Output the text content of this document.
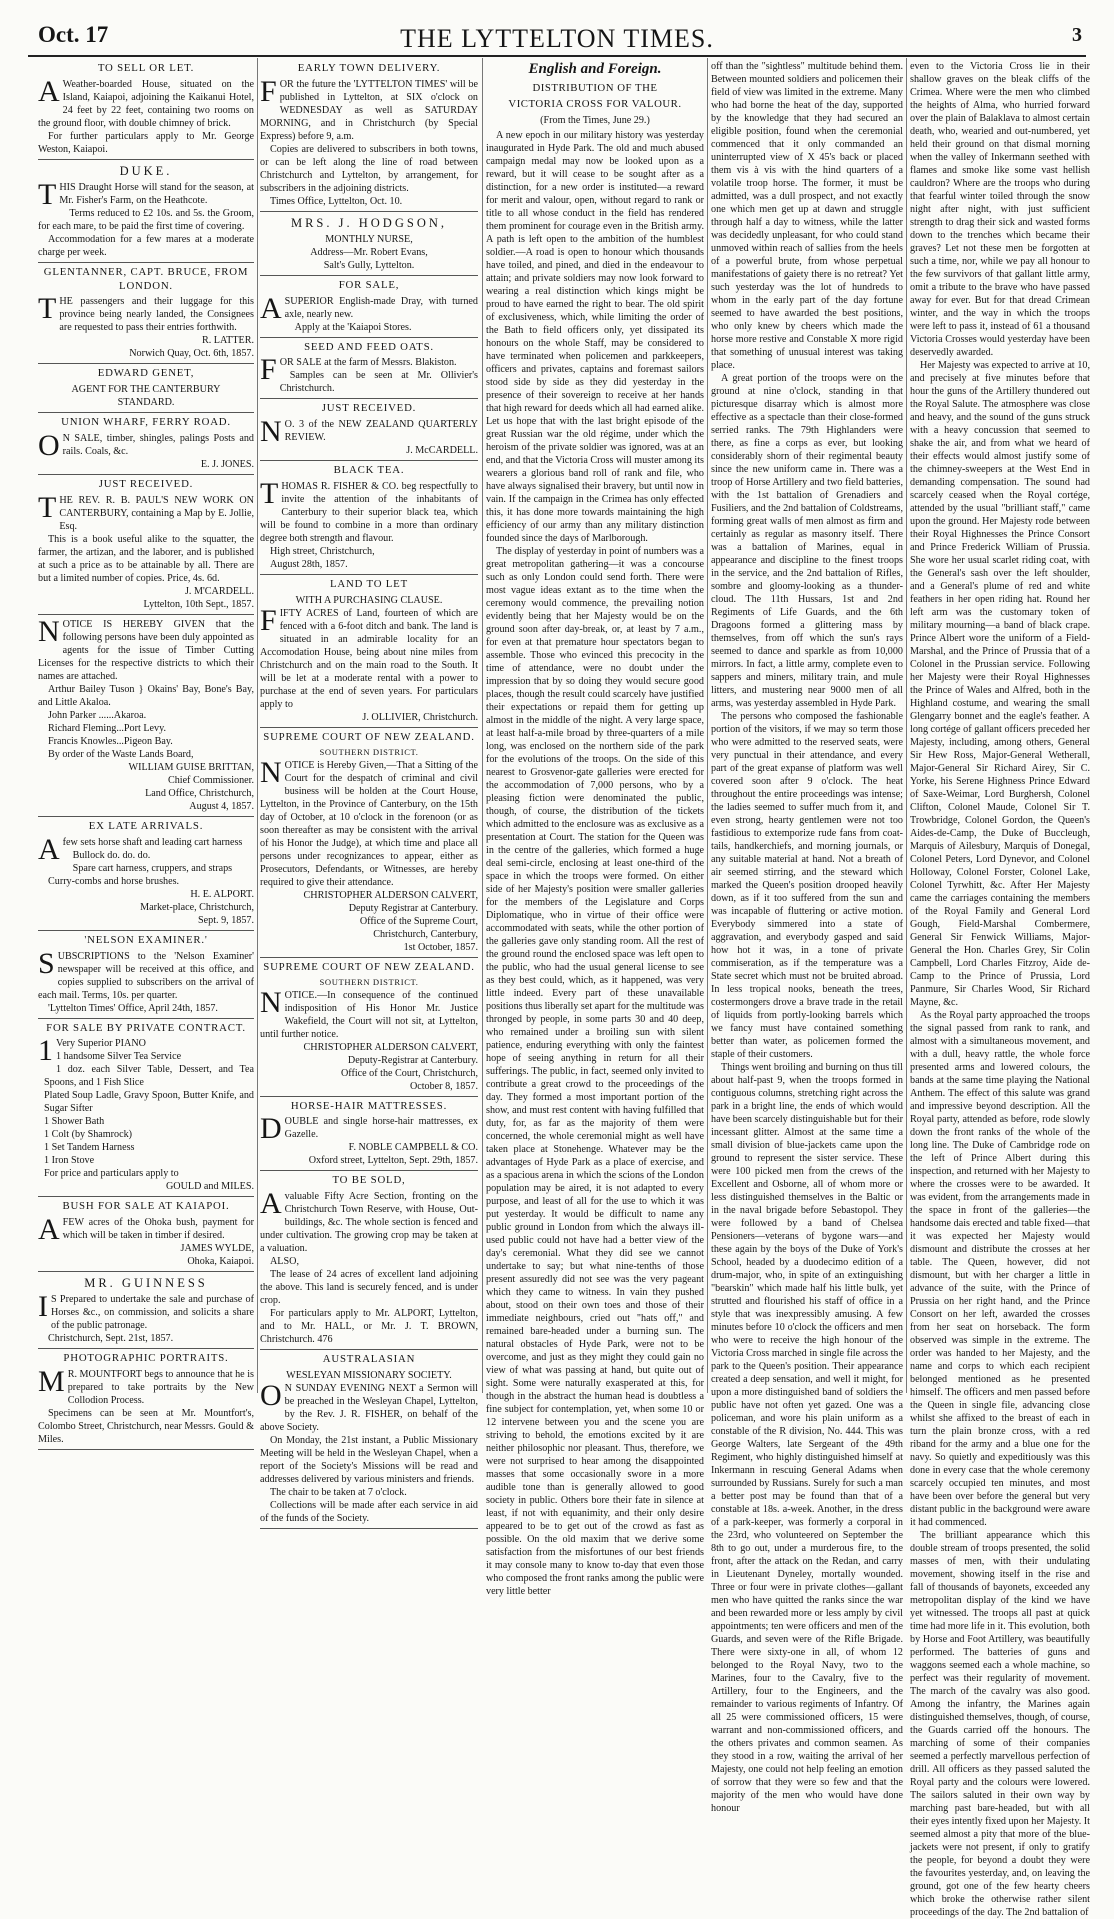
Oct. 17	THE LYTTELTON TIMES.	3
TO SELL OR LET.
A Weather-boarded House, situated on the Island, Kaiapoi, adjoining the Kaikanui Hotel, 24 feet by 22 feet, containing two rooms on the ground floor, with double chimney of brick.

For further particulars apply to Mr. George Weston, Kaiapoi.

DUKE.
T HIS Draught Horse will stand for the season, at Mr. Fisher's Farm, on the Heathcote.

Terms reduced to £2 10s. and 5s. the Groom, for each mare, to be paid the first time of covering.

Accommodation for a few mares at a moderate charge per week.

GLENTANNER, CAPT. BRUCE, FROM LONDON.
T HE passengers and their luggage for this province being nearly landed, the Consignees are requested to pass their entries forthwith.

R. LATTER.
Norwich Quay, Oct. 6th, 1857.
EDWARD GENET,
AGENT FOR THE CANTERBURY
STANDARD.
UNION WHARF, FERRY ROAD.
O N SALE, timber, shingles, palings Posts and rails. Coals, &c.

E. J. JONES.
JUST RECEIVED.
T HE REV. R. B. PAUL'S NEW WORK ON CANTERBURY, containing a Map by E. Jollie, Esq.

This is a book useful alike to the squatter, the farmer, the artizan, and the laborer, and is published at such a price as to be attainable by all. There are but a limited number of copies. Price, 4s. 6d.

J. M'CARDELL.
Lyttelton, 10th Sept., 1857.
N OTICE IS HEREBY GIVEN that the following persons have been duly appointed as agents for the issue of Timber Cutting Licenses for the respective districts to which their names are attached.

Arthur Bailey Tuson } Okains' Bay, Bone's Bay, and Little Akaloa.

John Parker ......Akaroa.

Richard Fleming...Port Levy.

Francis Knowles...Pigeon Bay.

By order of the Waste Lands Board,

WILLIAM GUISE BRITTAN,
Chief Commissioner.
Land Office, Christchurch,
August 4, 1857.
EX LATE ARRIVALS.
A few sets horse shaft and leading cart harness

Bullock do. do. do.

Spare cart harness, cruppers, and straps

Curry-combs and horse brushes.

H. E. ALPORT.
Market-place, Christchurch,
Sept. 9, 1857.
'NELSON EXAMINER.'
S UBSCRIPTIONS to the 'Nelson Examiner' newspaper will be received at this office, and copies supplied to subscribers on the arrival of each mail. Terms, 10s. per quarter.

'Lyttelton Times' Office, April 24th, 1857.

FOR SALE BY PRIVATE CONTRACT.
1 Very Superior PIANO
1 handsome Silver Tea Service
1 doz. each Silver Table, Dessert, and Tea Spoons, and 1 Fish Slice
Plated Soup Ladle, Gravy Spoon, Butter Knife, and Sugar Sifter
1 Shower Bath
1 Colt (by Shamrock)
1 Set Tandem Harness
1 Iron Stove
For price and particulars apply to
GOULD and MILES.
BUSH FOR SALE AT KAIAPOI.
A FEW acres of the Ohoka bush, payment for which will be taken in timber if desired.

JAMES WYLDE,
Ohoka, Kaiapoi.
MR. GUINNESS
I S Prepared to undertake the sale and purchase of Horses &c., on commission, and solicits a share of the public patronage.

Christchurch, Sept. 21st, 1857.

PHOTOGRAPHIC PORTRAITS.
M R. MOUNTFORT begs to announce that he is prepared to take portraits by the New Collodion Process.

Specimens can be seen at Mr. Mountfort's, Colombo Street, Christchurch, near Messrs. Gould & Miles.

EARLY TOWN DELIVERY.
F OR the future the 'LYTTELTON TIMES' will be published in Lyttelton, at SIX o'clock on WEDNESDAY as well as SATURDAY MORNING, and in Christchurch (by Special Express) before 9, a.m.

Copies are delivered to subscribers in both towns, or can be left along the line of road between Christchurch and Lyttelton, by arrangement, for subscribers in the adjoining districts.

Times Office, Lyttelton, Oct. 10.

MRS. J. HODGSON,
MONTHLY NURSE,
Address—Mr. Robert Evans,
Salt's Gully, Lyttelton.
FOR SALE,
A SUPERIOR English-made Dray, with turned axle, nearly new.

Apply at the 'Kaiapoi Stores.

SEED AND FEED OATS.
F OR SALE at the farm of Messrs. Blakiston.

Samples can be seen at Mr. Ollivier's Christchurch.

JUST RECEIVED.
N O. 3 of the NEW ZEALAND QUARTERLY REVIEW.

J. McCARDELL.
BLACK TEA.
T HOMAS R. FISHER & CO. beg respectfully to invite the attention of the inhabitants of Canterbury to their superior black tea, which will be found to combine in a more than ordinary degree both strength and flavour.

High street, Christchurch,

August 28th, 1857.

LAND TO LET
WITH A PURCHASING CLAUSE.
F IFTY ACRES of Land, fourteen of which are fenced with a 6-foot ditch and bank. The land is situated in an admirable locality for an Accomodation House, being about nine miles from Christchurch and on the main road to the South. It will be let at a moderate rental with a power to purchase at the end of seven years. For particulars apply to

J. OLLIVIER, Christchurch.
SUPREME COURT OF NEW ZEALAND.
SOUTHERN DISTRICT.
N OTICE is Hereby Given,—That a Sitting of the Court for the despatch of criminal and civil business will be holden at the Court House, Lyttelton, in the Province of Canterbury, on the 15th day of October, at 10 o'clock in the forenoon (or as soon thereafter as may be consistent with the arrival of his Honor the Judge), at which time and place all persons under recognizances to appear, either as Prosecutors, Defendants, or Witnesses, are hereby required to give their attendance.

CHRISTOPHER ALDERSON CALVERT,
Deputy Registrar at Canterbury.
Office of the Supreme Court,
Christchurch, Canterbury,
1st October, 1857.
SUPREME COURT OF NEW ZEALAND.
SOUTHERN DISTRICT.
N OTICE.—In consequence of the continued indisposition of His Honor Mr. Justice Wakefield, the Court will not sit, at Lyttelton, until further notice.

CHRISTOPHER ALDERSON CALVERT,
Deputy-Registrar at Canterbury.
Office of the Court, Christchurch,
October 8, 1857.
HORSE-HAIR MATTRESSES.
D OUBLE and single horse-hair mattresses, ex Gazelle.

F. NOBLE CAMPBELL & CO.
Oxford street, Lyttelton, Sept. 29th, 1857.
TO BE SOLD,
A valuable Fifty Acre Section, fronting on the Christchurch Town Reserve, with House, Out-buildings, &c. The whole section is fenced and under cultivation. The growing crop may be taken at a valuation.

ALSO,

The lease of 24 acres of excellent land adjoining the above. This land is securely fenced, and is under crop.

For particulars apply to Mr. ALPORT, Lyttelton, and to Mr. HALL, or Mr. J. T. BROWN, Christchurch. 476

AUSTRALASIAN
WESLEYAN MISSIONARY SOCIETY.
O N SUNDAY EVENING NEXT a Sermon will be preached in the Wesleyan Chapel, Lyttelton, by the Rev. J. R. FISHER, on behalf of the above Society.

On Monday, the 21st instant, a Public Missionary Meeting will be held in the Wesleyan Chapel, when a report of the Society's Missions will be read and addresses delivered by various ministers and friends.

The chair to be taken at 7 o'clock.

Collections will be made after each service in aid of the funds of the Society.

English and Foreign.
DISTRIBUTION OF THE
VICTORIA CROSS FOR VALOUR.
(From the Times, June 29.)

A new epoch in our military history was yesterday inaugurated in Hyde Park. The old and much abused campaign medal may now be looked upon as a reward, but it will cease to be sought after as a distinction, for a new order is instituted—a reward for merit and valour, open, without regard to rank or title to all whose conduct in the field has rendered them prominent for courage even in the British army. A path is left open to the ambition of the humblest soldier.—A road is open to honour which thousands have toiled, and pined, and died in the endeavour to attain; and private soldiers may now look forward to wearing a real distinction which kings might be proud to have earned the right to bear. The old spirit of exclusiveness, which, while limiting the order of the Bath to field officers only, yet dissipated its honours on the whole Staff, may be considered to have terminated when policemen and parkkeepers, officers and privates, captains and foremast sailors stood side by side as they did yesterday in the presence of their sovereign to receive at her hands that high reward for deeds which all had earned alike. Let us hope that with the last bright episode of the great Russian war the old régime, under which the heroism of the private soldier was ignored, was at an end, and that the Victoria Cross will muster among its wearers a glorious band roll of rank and file, who have always signalised their bravery, but until now in vain. If the campaign in the Crimea has only effected this, it has done more towards maintaining the high efficiency of our army than any military distinction founded since the days of Marlborough.

The display of yesterday in point of numbers was a great metropolitan gathering—it was a concourse such as only London could send forth. There were most vague ideas extant as to the time when the ceremony would commence, the prevailing notion evidently being that her Majesty would be on the ground soon after day-break, or, at least by 7 a.m., for even at that premature hour spectators began to assemble. Those who evinced this precocity in the time of attendance, were no doubt under the impression that by so doing they would secure good places, though the result could scarcely have justified their expectations or repaid them for getting up almost in the middle of the night. A very large space, at least half-a-mile broad by three-quarters of a mile long, was enclosed on the northern side of the park for the evolutions of the troops. On the side of this nearest to Grosvenor-gate galleries were erected for the accommodation of 7,000 persons, who by a pleasing fiction were denominated the public, though, of course, the distribution of the tickets which admitted to the enclosure was as exclusive as a presentation at Court. The station for the Queen was in the centre of the galleries, which formed a huge deal semi-circle, enclosing at least one-third of the space in which the troops were formed. On either side of her Majesty's position were smaller galleries for the members of the Legislature and Corps Diplomatique, who in virtue of their office were accommodated with seats, while the other portion of the galleries gave only standing room. All the rest of the ground round the enclosed space was left open to the public, who had the usual general license to see as they best could, which, as it happened, was very little indeed. Every part of these unavailable positions thus liberally set apart for the multitude was thronged by people, in some parts 30 and 40 deep, who remained under a broiling sun with silent patience, enduring everything with only the faintest hope of seeing anything in return for all their sufferings. The public, in fact, seemed only invited to contribute a great crowd to the proceedings of the day. They formed a most important portion of the show, and must rest content with having fulfilled that duty, for, as far as the majority of them were concerned, the whole ceremonial might as well have taken place at Stonehenge. Whatever may be the advantages of Hyde Park as a place of exercise, and as a spacious arena in which the scions of the London population may be aired, it is not adapted to every purpose, and least of all for the use to which it was put yesterday. It would be difficult to name any public ground in London from which the always ill-used public could not have had a better view of the day's ceremonial. What they did see we cannot undertake to say; but what nine-tenths of those present assuredly did not see was the very pageant which they came to witness. In vain they pushed about, stood on their own toes and those of their immediate neighbours, cried out "hats off," and remained bare-headed under a burning sun. The natural obstacles of Hyde Park, were not to be overcome, and just as they might they could gain no view of what was passing at hand, but quite out of sight. Some were naturally exasperated at this, for though in the abstract the human head is doubtless a fine subject for contemplation, yet, when some 10 or 12 intervene between you and the scene you are striving to behold, the emotions excited by it are neither philosophic nor pleasant. Thus, therefore, we were not surprised to hear among the disappointed masses that some occasionally swore in a more audible tone than is generally allowed to good society in public. Others bore their fate in silence at least, if not with equanimity, and their only desire appeared to be to get out of the crowd as fast as possible. On the old maxim that we derive some satisfaction from the misfortunes of our best friends it may console many to know to-day that even those who composed the front ranks among the public were very little better

off than the "sightless" multitude behind them. Between mounted soldiers and policemen their field of view was limited in the extreme. Many who had borne the heat of the day, supported by the knowledge that they had secured an eligible position, found when the ceremonial commenced that it only commanded an uninterrupted view of X 45's back or placed them vis à vis with the hind quarters of a volatile troop horse. The former, it must be admitted, was a dull prospect, and not exactly one which men get up at dawn and struggle through half a day to witness, while the latter was decidedly unpleasant, for who could stand unmoved within reach of sallies from the heels of a powerful brute, from whose perpetual manifestations of gaiety there is no retreat? Yet such yesterday was the lot of hundreds to whom in the early part of the day fortune seemed to have awarded the best positions, who only knew by cheers which made the horse more restive and Constable X more rigid that something of unusual interest was taking place.

A great portion of the troops were on the ground at nine o'clock, standing in that picturesque disarray which is almost more effective as a spectacle than their close-formed serried ranks. The 79th Highlanders were there, as fine a corps as ever, but looking considerably shorn of their regimental beauty since the new uniform came in. There was a troop of Horse Artillery and two field batteries, with the 1st battalion of Grenadiers and Fusiliers, and the 2nd battalion of Coldstreams, forming great walls of men almost as firm and certainly as regular as masonry itself. There was a battalion of Marines, equal in appearance and discipline to the finest troops in the service, and the 2nd battalion of Rifles, sombre and gloomy-looking as a thunder-cloud. The 11th Hussars, 1st and 2nd Regiments of Life Guards, and the 6th Dragoons formed a glittering mass by themselves, from off which the sun's rays seemed to dance and sparkle as from 10,000 mirrors. In fact, a little army, complete even to sappers and miners, military train, and mule litters, and mustering near 9000 men of all arms, was yesterday assembled in Hyde Park.

The persons who composed the fashionable portion of the visitors, if we may so term those who were admitted to the reserved seats, were very punctual in their attendance, and every part of the great expanse of platform was well covered soon after 9 o'clock. The heat throughout the entire proceedings was intense; the ladies seemed to suffer much from it, and even strong, hearty gentlemen were not too fastidious to extemporize rude fans from coat-tails, handkerchiefs, and morning journals, or any suitable material at hand. Not a breath of air seemed stirring, and the steward which marked the Queen's position drooped heavily down, as if it too suffered from the sun and was incapable of fluttering or active motion. Everybody simmered into a state of aggravation, and everybody gasped and said how hot it was, in a tone of private commiseration, as if the temperature was a State secret which must not be bruited abroad. In less tropical nooks, beneath the trees, costermongers drove a brave trade in the retail of liquids from portly-looking barrels which we fancy must have contained something better than water, as policemen formed the staple of their customers.

Things went broiling and burning on thus till about half-past 9, when the troops formed in contiguous columns, stretching right across the park in a bright line, the ends of which would have been scarcely distinguishable but for their incessant glitter. Almost at the same time a small division of blue-jackets came upon the ground to represent the sister service. These were 100 picked men from the crews of the Excellent and Osborne, all of whom more or less distinguished themselves in the Baltic or in the naval brigade before Sebastopol. They were followed by a band of Chelsea Pensioners—veterans of bygone wars—and these again by the boys of the Duke of York's School, headed by a duodecimo edition of a drum-major, who, in spite of an extinguishing "bearskin" which made half his little bulk, yet strutted and flourished his staff of office in a style that was inexpressibly amusing. A few minutes before 10 o'clock the officers and men who were to receive the high honour of the Victoria Cross marched in single file across the park to the Queen's position. Their appearance created a deep sensation, and well it might, for upon a more distinguished band of soldiers the public have not often yet gazed. One was a policeman, and wore his plain uniform as a constable of the R division, No. 444. This was George Walters, late Sergeant of the 49th Regiment, who highly distinguished himself at Inkermann in rescuing General Adams when surrounded by Russians. Surely for such a man a better post may be found than that of a constable at 18s. a-week. Another, in the dress of a park-keeper, was formerly a corporal in the 23rd, who volunteered on September the 8th to go out, under a murderous fire, to the front, after the attack on the Redan, and carry in Lieutenant Dyneley, mortally wounded. Three or four were in private clothes—gallant men who have quitted the ranks since the war and been rewarded more or less amply by civil appointments; ten were officers and men of the Guards, and seven were of the Rifle Brigade. There were sixty-one in all, of whom 12 belonged to the Royal Navy, two to the Marines, four to the Cavalry, five to the Artillery, four to the Engineers, and the remainder to various regiments of Infantry. Of all 25 were commissioned officers, 15 were warrant and non-commissioned officers, and the others privates and common seamen. As they stood in a row, waiting the arrival of her Majesty, one could not help feeling an emotion of sorrow that they were so few and that the majority of the men who would have done honour

even to the Victoria Cross lie in their shallow graves on the bleak cliffs of the Crimea. Where were the men who climbed the heights of Alma, who hurried forward over the plain of Balaklava to almost certain death, who, wearied and out-numbered, yet held their ground on that dismal morning when the valley of Inkermann seethed with flames and smoke like some vast hellish cauldron? Where are the troops who during that fearful winter toiled through the snow night after night, with just sufficient strength to drag their sick and wasted forms down to the trenches which became their graves? Let not these men be forgotten at such a time, nor, while we pay all honour to the few survivors of that gallant little army, omit a tribute to the brave who have passed away for ever. But for that dread Crimean winter, and the way in which the troops were left to pass it, instead of 61 a thousand Victoria Crosses would yesterday have been deservedly awarded.

Her Majesty was expected to arrive at 10, and precisely at five minutes before that hour the guns of the Artillery thundered out the Royal Salute. The atmosphere was close and heavy, and the sound of the guns struck with a heavy concussion that seemed to shake the air, and from what we heard of their effects would almost justify some of the chimney-sweepers at the West End in demanding compensation. The sound had scarcely ceased when the Royal cortége, attended by the usual "brilliant staff," came upon the ground. Her Majesty rode between their Royal Highnesses the Prince Consort and Prince Frederick William of Prussia. She wore her usual scarlet riding coat, with the General's sash over the left shoulder, and a General's plume of red and white feathers in her open riding hat. Round her left arm was the customary token of military mourning—a band of black crape. Prince Albert wore the uniform of a Field-Marshal, and the Prince of Prussia that of a Colonel in the Prussian service. Following her Majesty were their Royal Highnesses the Prince of Wales and Alfred, both in the Highland costume, and wearing the small Glengarry bonnet and the eagle's feather. A long cortége of gallant officers preceded her Majesty, including, among others, General Sir Hew Ross, Major-General Wetherall, Major-General Sir Richard Airey, Sir C. Yorke, his Serene Highness Prince Edward of Saxe-Weimar, Lord Burghersh, Colonel Clifton, Colonel Maude, Colonel Sir T. Trowbridge, Colonel Gordon, the Queen's Aides-de-Camp, the Duke of Buccleugh, Marquis of Ailesbury, Marquis of Donegal, Colonel Peters, Lord Dynevor, and Colonel Holloway, Colonel Forster, Colonel Lake, Colonel Tyrwhitt, &c. After Her Majesty came the carriages containing the members of the Royal Family and General Lord Gough, Field-Marshal Combermere, General Sir Fenwick Williams, Major-General the Hon. Charles Grey, Sir Colin Campbell, Lord Charles Fitzroy, Aide de-Camp to the Prince of Prussia, Lord Panmure, Sir Charles Wood, Sir Richard Mayne, &c.

As the Royal party approached the troops the signal passed from rank to rank, and almost with a simultaneous movement, and with a dull, heavy rattle, the whole force presented arms and lowered colours, the bands at the same time playing the National Anthem. The effect of this salute was grand and impressive beyond description. All the Royal party, attended as before, rode slowly down the front ranks of the whole of the long line. The Duke of Cambridge rode on the left of Prince Albert during this inspection, and returned with her Majesty to where the crosses were to be awarded. It was evident, from the arrangements made in the space in front of the galleries—the handsome dais erected and table fixed—that it was expected her Majesty would dismount and distribute the crosses at her table. The Queen, however, did not dismount, but with her charger a little in advance of the suite, with the Prince of Prussia on her right hand, and the Prince Consort on her left, awarded the crosses from her seat on horseback. The form observed was simple in the extreme. The order was handed to her Majesty, and the name and corps to which each recipient belonged mentioned as he presented himself. The officers and men passed before the Queen in single file, advancing close whilst she affixed to the breast of each in turn the plain bronze cross, with a red riband for the army and a blue one for the navy. So quietly and expeditiously was this done in every case that the whole ceremony scarcely occupied ten minutes, and most have been over before the general but very distant public in the background were aware it had commenced.

The brilliant appearance which this double stream of troops presented, the solid masses of men, with their undulating movement, showing itself in the rise and fall of thousands of bayonets, exceeded any metropolitan display of the kind we have yet witnessed. The troops all past at quick time had more life in it. This evolution, both by Horse and Foot Artillery, was beautifully performed. The batteries of guns and waggons seemed each a whole machine, so perfect was their regularity of movement. The march of the cavalry was also good. Among the infantry, the Marines again distinguished themselves, though, of course, the Guards carried off the honours. The marching of some of their companies seemed a perfectly marvellous perfection of drill. All officers as they passed saluted the Royal party and the colours were lowered. The sailors saluted in their own way by marching past bare-headed, but with all their eyes intently fixed upon her Majesty. It seemed almost a pity that more of the blue-jackets were not present, if only to gratify the people, for beyond a doubt they were the favourites yesterday, and, on leaving the ground, got one of the few hearty cheers which broke the otherwise rather silent proceedings of the day. The 2nd battalion of
